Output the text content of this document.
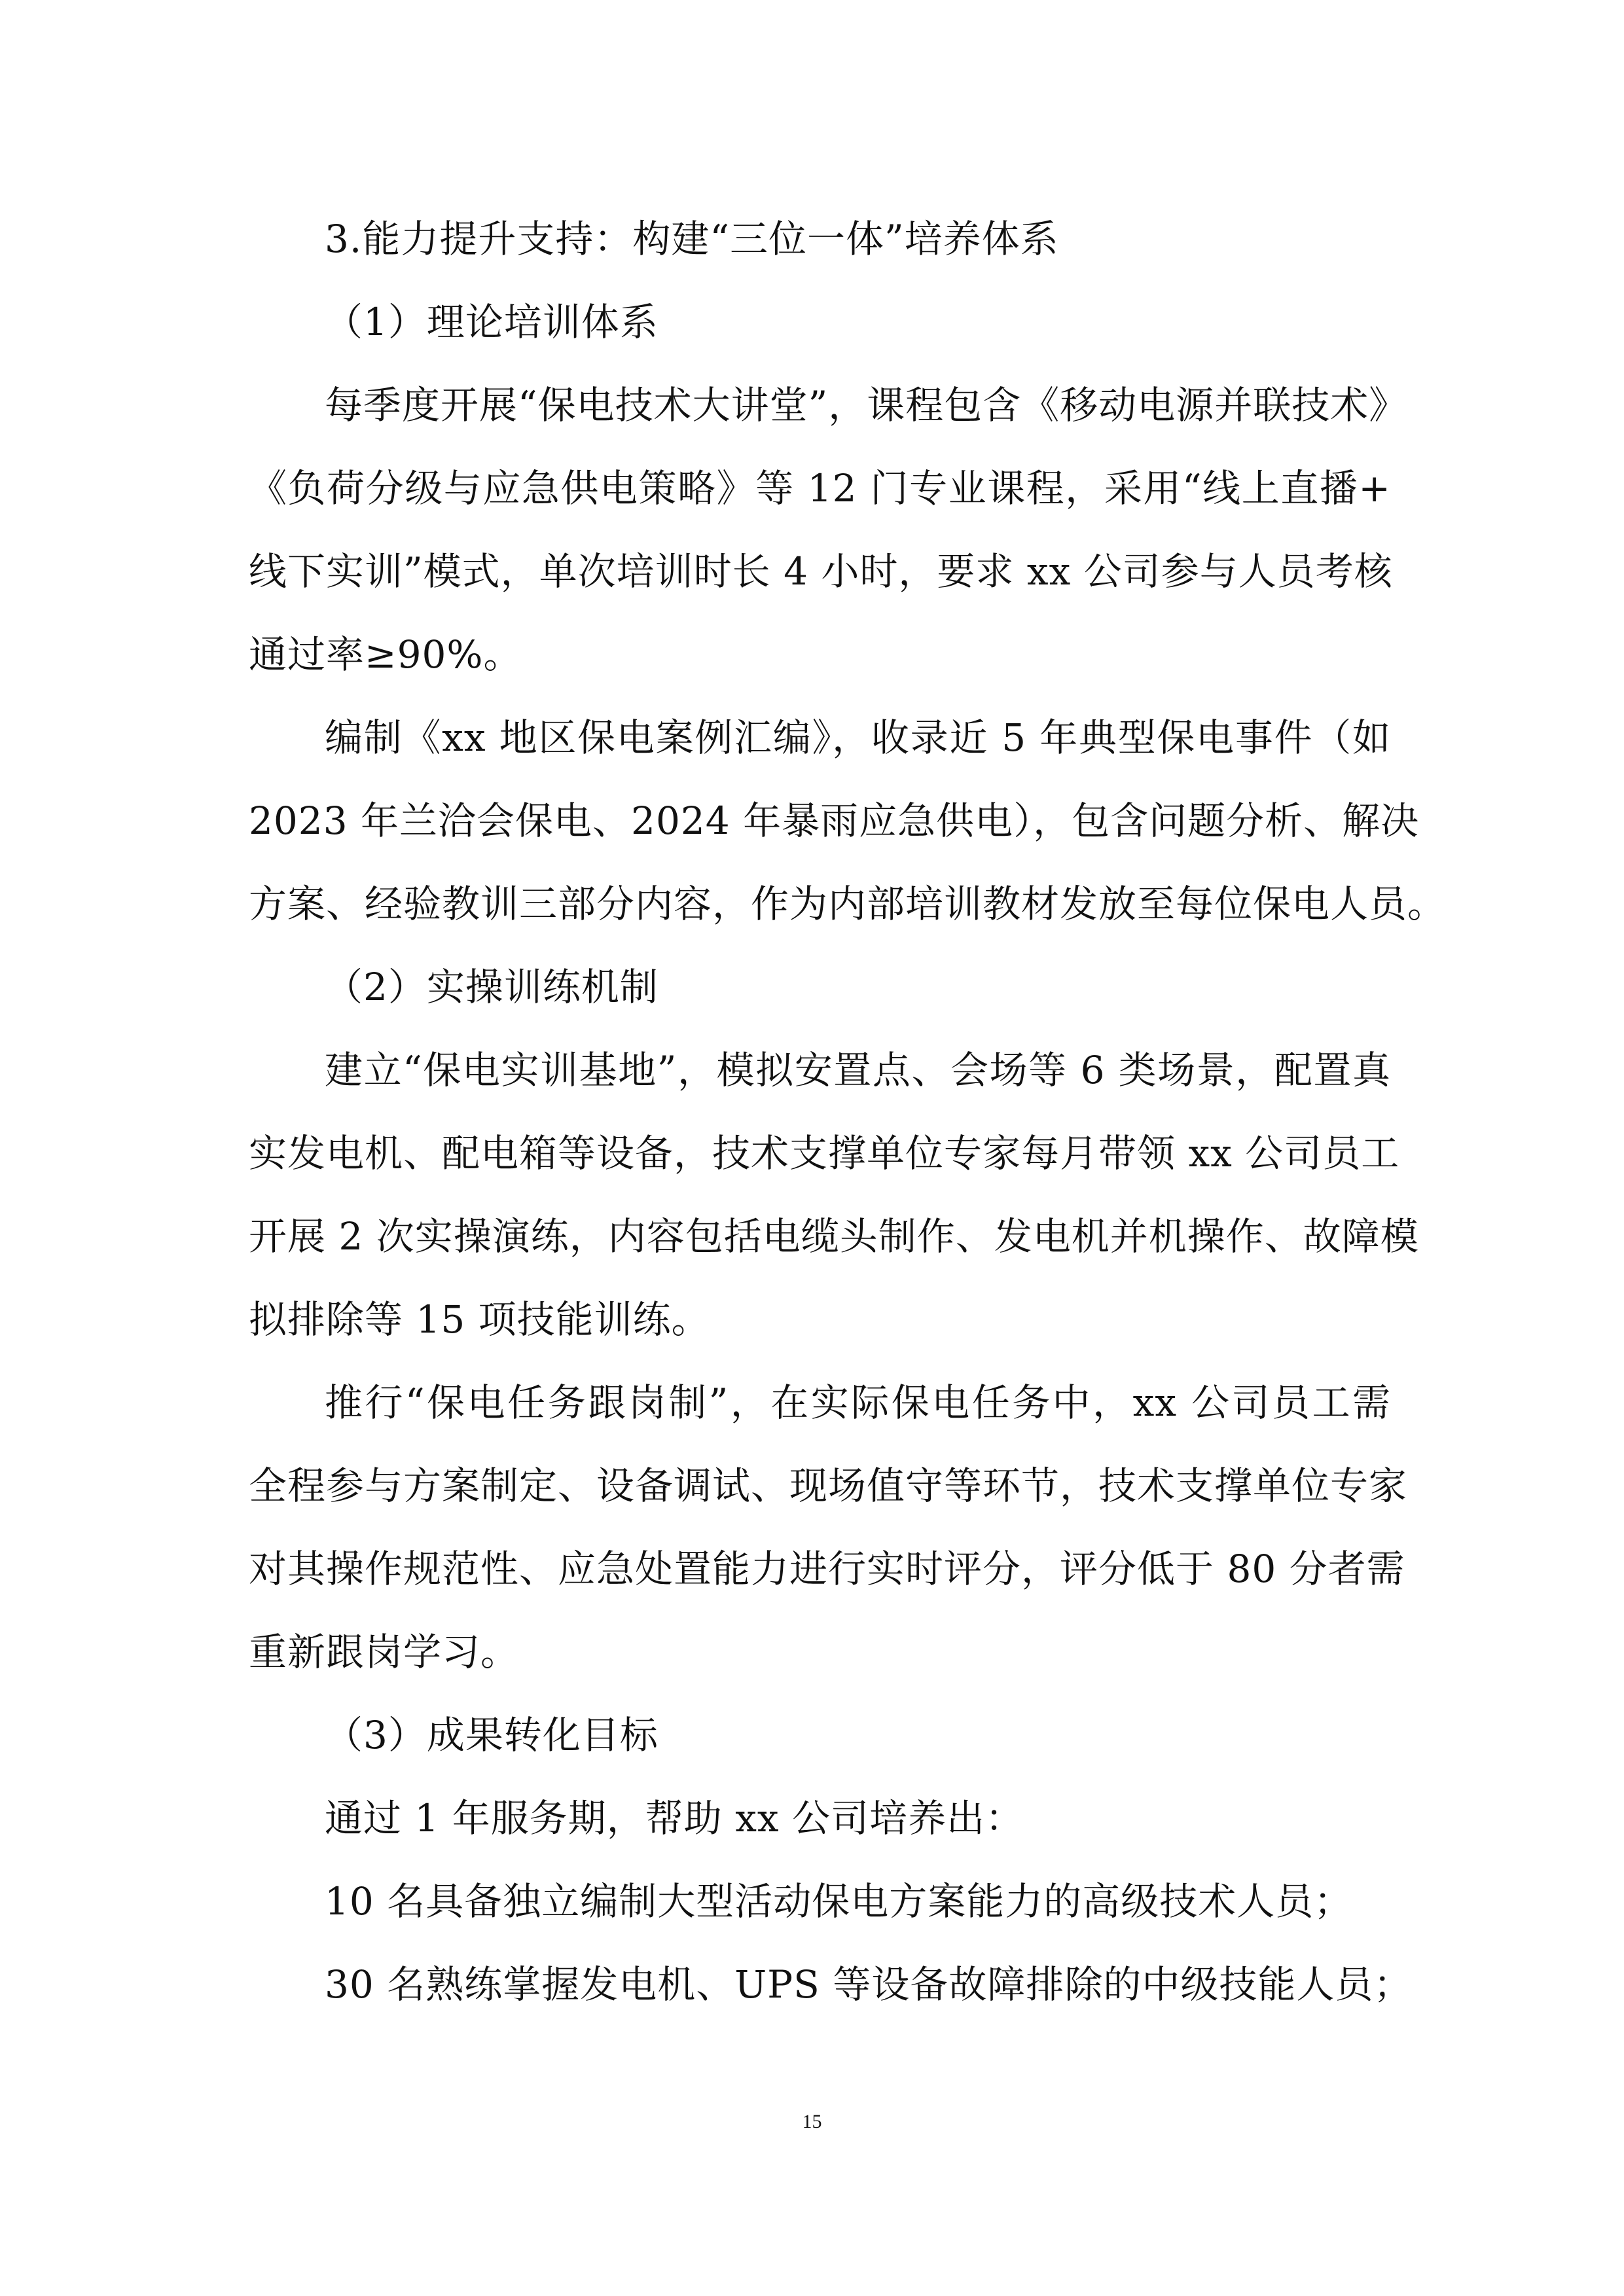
3.能力提升支持：构建“三位一体”培养体系
（1）理论培训体系
每季度开展“保电技术大讲堂”，课程包含《移动电源并联技术》
《负荷分级与应急供电策略》等 12 门专业课程，采用“线上直播+
线下实训”模式，单次培训时长 4 小时，要求 xx 公司参与人员考核
通过率≥90%。
编制《xx 地区保电案例汇编》，收录近 5 年典型保电事件（如
2023 年兰洽会保电、2024 年暴雨应急供电），包含问题分析、解决
方案、经验教训三部分内容，作为内部培训教材发放至每位保电人员。
（2）实操训练机制
建立“保电实训基地”，模拟安置点、会场等 6 类场景，配置真
实发电机、配电箱等设备，技术支撑单位专家每月带领 xx 公司员工
开展 2 次实操演练，内容包括电缆头制作、发电机并机操作、故障模
拟排除等 15 项技能训练。
推行“保电任务跟岗制”，在实际保电任务中，xx 公司员工需
全程参与方案制定、设备调试、现场值守等环节，技术支撑单位专家
对其操作规范性、应急处置能力进行实时评分，评分低于 80 分者需
重新跟岗学习。
（3）成果转化目标
通过 1 年服务期，帮助 xx 公司培养出：
10 名具备独立编制大型活动保电方案能力的高级技术人员；
30 名熟练掌握发电机、UPS 等设备故障排除的中级技能人员；
15
